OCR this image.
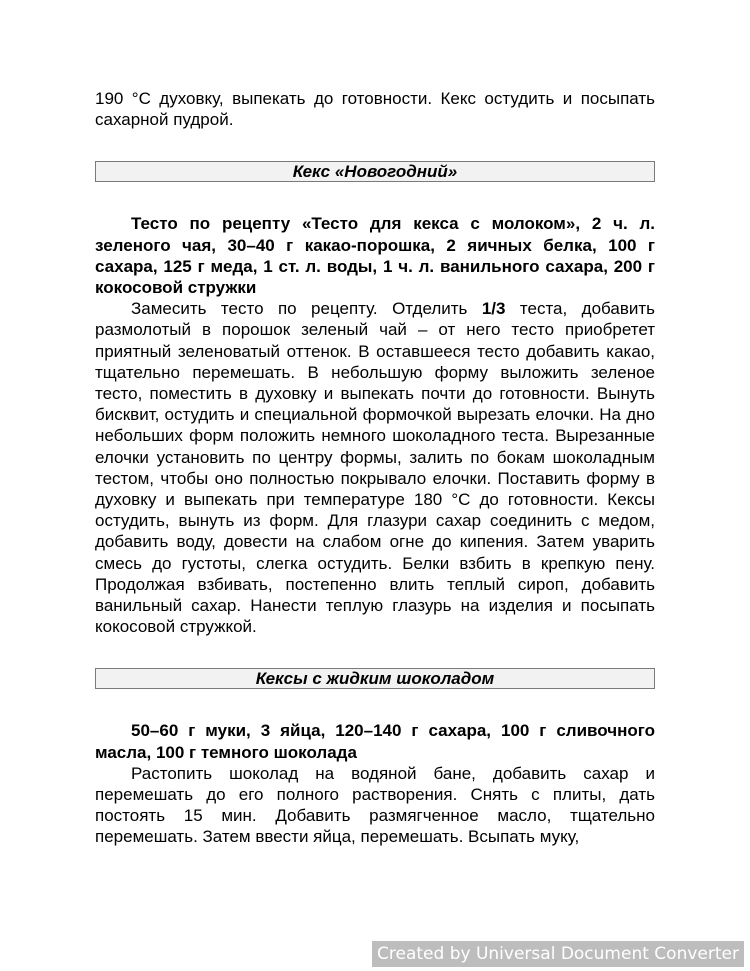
190 °C духовку, выпекать до готовности. Кекс остудить и посыпать сахарной пудрой.

Кекс «Новогодний»

Тесто по рецепту «Тесто для кекса с молоком», 2 ч. л. зеленого чая, 30–40 г какао-порошка, 2 яичных белка, 100 г сахара, 125 г меда, 1 ст. л. воды, 1 ч. л. ванильного сахара, 200 г кокосовой стружки

Замесить тесто по рецепту. Отделить 1/3 теста, добавить размолотый в порошок зеленый чай – от него тесто приобретет приятный зеленоватый оттенок. В оставшееся тесто добавить какао, тщательно перемешать. В небольшую форму выложить зеленое тесто, поместить в духовку и выпекать почти до готовности. Вынуть бисквит, остудить и специальной формочкой вырезать елочки. На дно небольших форм положить немного шоколадного теста. Вырезанные елочки установить по центру формы, залить по бокам шоколадным тестом, чтобы оно полностью покрывало елочки. Поставить форму в духовку и выпекать при температуре 180 °C до готовности. Кексы остудить, вынуть из форм. Для глазури сахар соединить с медом, добавить воду, довести на слабом огне до кипения. Затем уварить смесь до густоты, слегка остудить. Белки взбить в крепкую пену. Продолжая взбивать, постепенно влить теплый сироп, добавить ванильный сахар. Нанести теплую глазурь на изделия и посыпать кокосовой стружкой.

Кексы с жидким шоколадом

50–60 г муки, 3 яйца, 120–140 г сахара, 100 г сливочного масла, 100 г темного шоколада

Растопить шоколад на водяной бане, добавить сахар и перемешать до его полного растворения. Снять с плиты, дать постоять 15 мин. Добавить размягченное масло, тщательно перемешать. Затем ввести яйца, перемешать. Всыпать муку,

Created by Universal Document Converter
